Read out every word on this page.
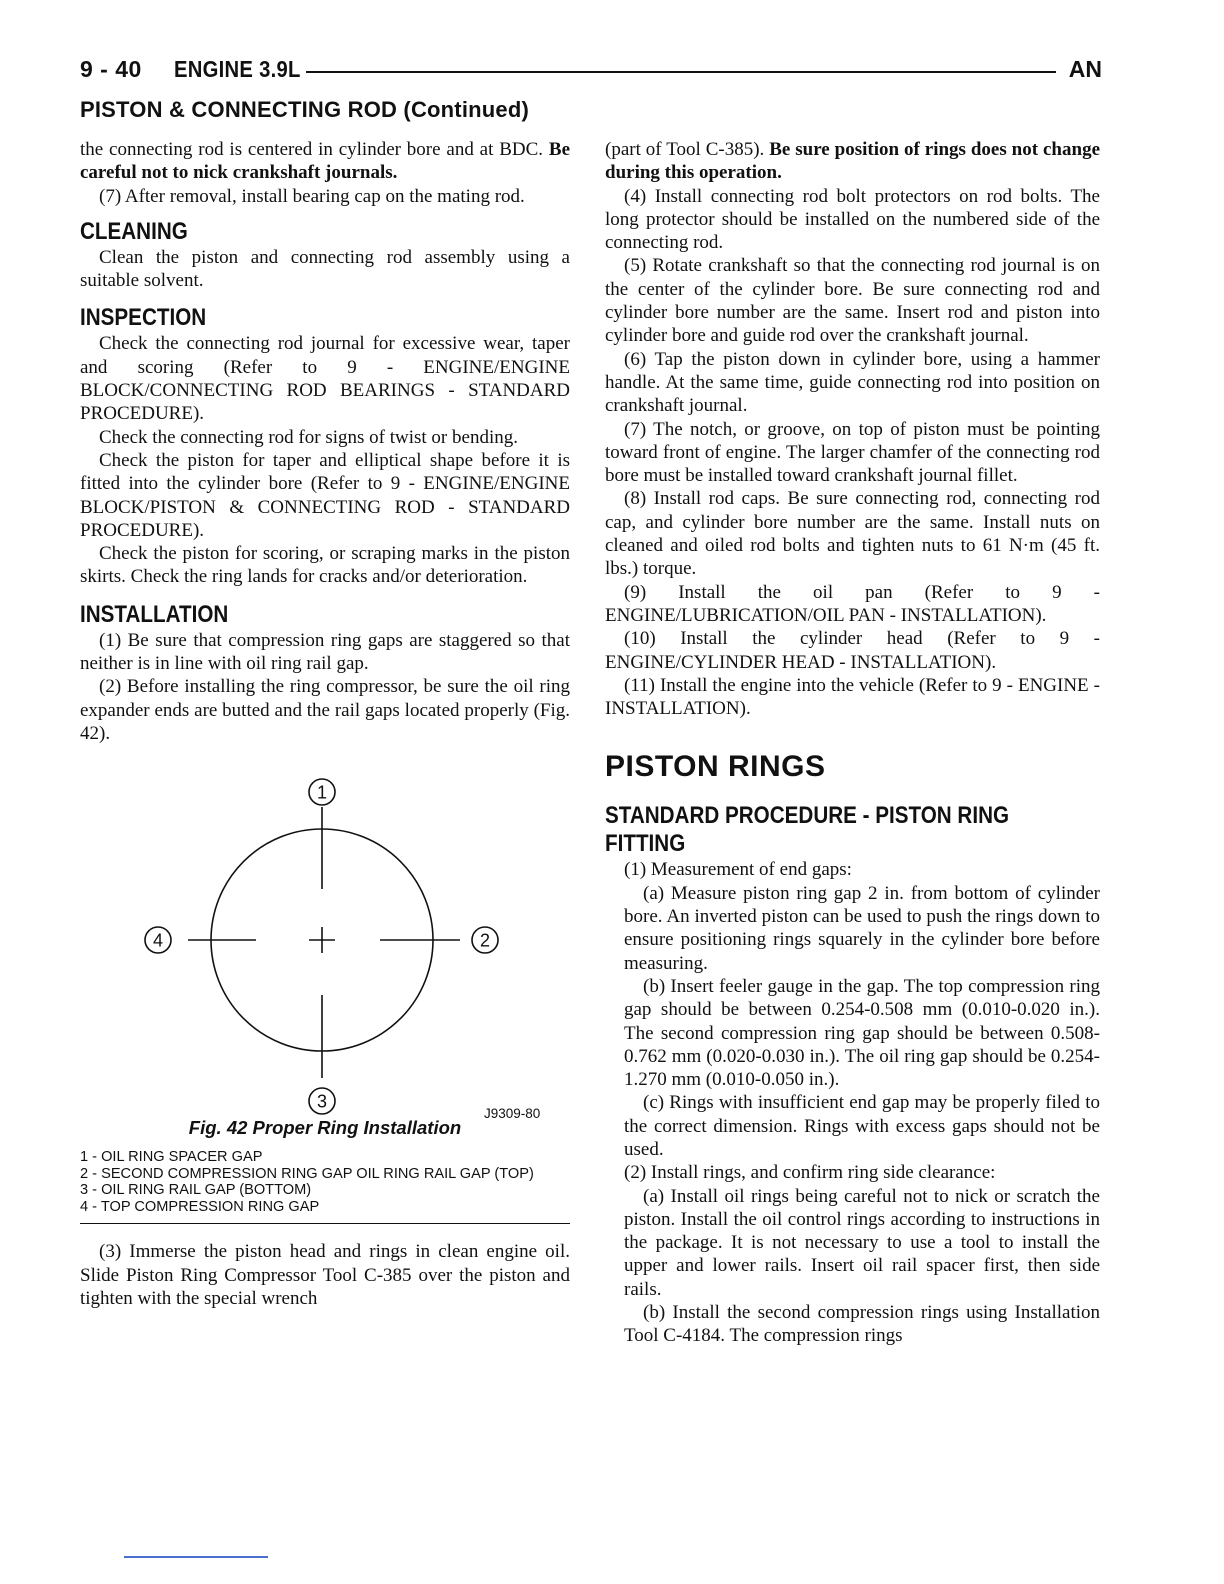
9 - 40 ENGINE 3.9L	AN
PISTON & CONNECTING ROD (Continued)

the connecting rod is centered in cylinder bore and at BDC. Be careful not to nick crankshaft journals.

(7) After removal, install bearing cap on the mating rod.

CLEANING

Clean the piston and connecting rod assembly using a suitable solvent.

INSPECTION

Check the connecting rod journal for excessive wear, taper and scoring (Refer to 9 - ENGINE/ENGINE BLOCK/CONNECTING ROD BEARINGS - STANDARD PROCEDURE).

Check the connecting rod for signs of twist or bending.

Check the piston for taper and elliptical shape before it is fitted into the cylinder bore (Refer to 9 - ENGINE/ENGINE BLOCK/PISTON & CONNECTING ROD - STANDARD PROCEDURE).

Check the piston for scoring, or scraping marks in the piston skirts. Check the ring lands for cracks and/or deterioration.

INSTALLATION

(1) Be sure that compression ring gaps are staggered so that neither is in line with oil ring rail gap.

(2) Before installing the ring compressor, be sure the oil ring expander ends are butted and the rail gaps located properly (Fig. 42).

1
2
3
4
J9309-80
Fig. 42 Proper Ring Installation

1 - OIL RING SPACER GAP

2 - SECOND COMPRESSION RING GAP OIL RING RAIL GAP (TOP)

3 - OIL RING RAIL GAP (BOTTOM)

4 - TOP COMPRESSION RING GAP

(3) Immerse the piston head and rings in clean engine oil. Slide Piston Ring Compressor Tool C-385 over the piston and tighten with the special wrench

(part of Tool C-385). Be sure position of rings does not change during this operation.

(4) Install connecting rod bolt protectors on rod bolts. The long protector should be installed on the numbered side of the connecting rod.

(5) Rotate crankshaft so that the connecting rod journal is on the center of the cylinder bore. Be sure connecting rod and cylinder bore number are the same. Insert rod and piston into cylinder bore and guide rod over the crankshaft journal.

(6) Tap the piston down in cylinder bore, using a hammer handle. At the same time, guide connecting rod into position on crankshaft journal.

(7) The notch, or groove, on top of piston must be pointing toward front of engine. The larger chamfer of the connecting rod bore must be installed toward crankshaft journal fillet.

(8) Install rod caps. Be sure connecting rod, connecting rod cap, and cylinder bore number are the same. Install nuts on cleaned and oiled rod bolts and tighten nuts to 61 N·m (45 ft. lbs.) torque.

(9) Install the oil pan (Refer to 9 - ENGINE/LUBRICATION/OIL PAN - INSTALLATION).

(10) Install the cylinder head (Refer to 9 - ENGINE/CYLINDER HEAD - INSTALLATION).

(11) Install the engine into the vehicle (Refer to 9 - ENGINE - INSTALLATION).

PISTON RINGS
STANDARD PROCEDURE - PISTON RING FITTING

(1) Measurement of end gaps:

(a) Measure piston ring gap 2 in. from bottom of cylinder bore. An inverted piston can be used to push the rings down to ensure positioning rings squarely in the cylinder bore before measuring.

(b) Insert feeler gauge in the gap. The top compression ring gap should be between 0.254-0.508 mm (0.010-0.020 in.). The second compression ring gap should be between 0.508-0.762 mm (0.020-0.030 in.). The oil ring gap should be 0.254-1.270 mm (0.010-0.050 in.).

(c) Rings with insufficient end gap may be properly filed to the correct dimension. Rings with excess gaps should not be used.

(2) Install rings, and confirm ring side clearance:

(a) Install oil rings being careful not to nick or scratch the piston. Install the oil control rings according to instructions in the package. It is not necessary to use a tool to install the upper and lower rails. Insert oil rail spacer first, then side rails.

(b) Install the second compression rings using Installation Tool C-4184. The compression rings
